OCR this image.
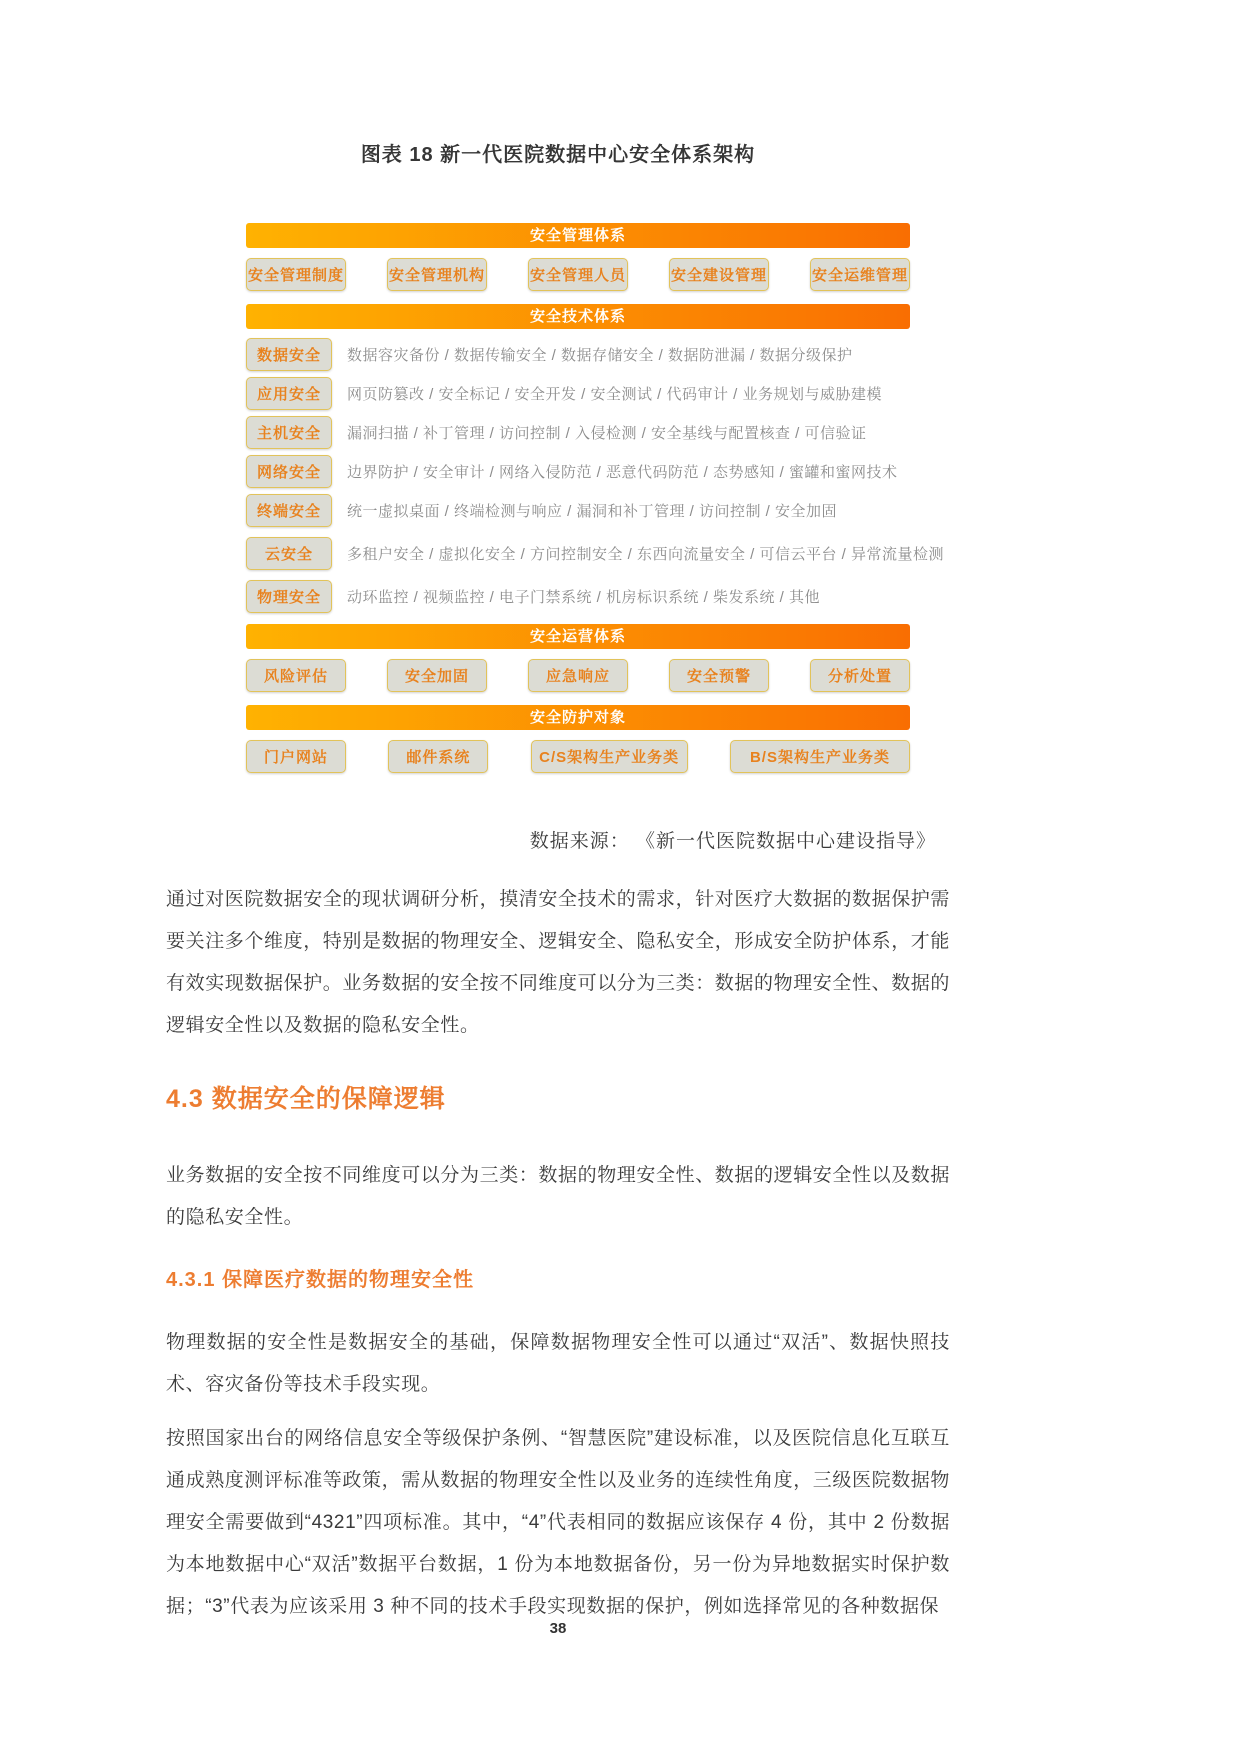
图表 18 新一代医院数据中心安全体系架构
安全管理体系
安全管理制度	安全管理机构	安全管理人员	安全建设管理	安全运维管理
安全技术体系
数据安全	数据容灾备份 / 数据传输安全 / 数据存储安全 / 数据防泄漏 / 数据分级保护
应用安全	网页防篡改 / 安全标记 / 安全开发 / 安全测试 / 代码审计 / 业务规划与威胁建模
主机安全	漏洞扫描 / 补丁管理 / 访问控制 / 入侵检测 / 安全基线与配置核查 / 可信验证
网络安全	边界防护 / 安全审计 / 网络入侵防范 / 恶意代码防范 / 态势感知 / 蜜罐和蜜网技术
终端安全	统一虚拟桌面 / 终端检测与响应 / 漏洞和补丁管理 / 访问控制 / 安全加固
云安全	多租户安全 / 虚拟化安全 / 方问控制安全 / 东西向流量安全 / 可信云平台 / 异常流量检测
物理安全	动环监控 / 视频监控 / 电子门禁系统 / 机房标识系统 / 柴发系统 / 其他
安全运营体系
风险评估	安全加固	应急响应	安全预警	分析处置
安全防护对象
门户网站	邮件系统	C/S架构生产业务类	B/S架构生产业务类
数据来源： 《新一代医院数据中心建设指导》

通过对医院数据安全的现状调研分析，摸清安全技术的需求，针对医疗大数据的数据保护需要关注多个维度，特别是数据的物理安全、逻辑安全、隐私安全，形成安全防护体系，才能有效实现数据保护。业务数据的安全按不同维度可以分为三类：数据的物理安全性、数据的逻辑安全性以及数据的隐私安全性。

4.3 数据安全的保障逻辑

业务数据的安全按不同维度可以分为三类：数据的物理安全性、数据的逻辑安全性以及数据的隐私安全性。

4.3.1 保障医疗数据的物理安全性

物理数据的安全性是数据安全的基础，保障数据物理安全性可以通过“双活”、数据快照技术、容灾备份等技术手段实现。

按照国家出台的网络信息安全等级保护条例、“智慧医院”建设标准，以及医院信息化互联互通成熟度测评标准等政策，需从数据的物理安全性以及业务的连续性角度，三级医院数据物理安全需要做到“4321”四项标准。其中，“4”代表相同的数据应该保存 4 份，其中 2 份数据为本地数据中心“双活”数据平台数据，1 份为本地数据备份，另一份为异地数据实时保护数据；“3”代表为应该采用 3 种不同的技术手段实现数据的保护，例如选择常见的各种数据保

38
